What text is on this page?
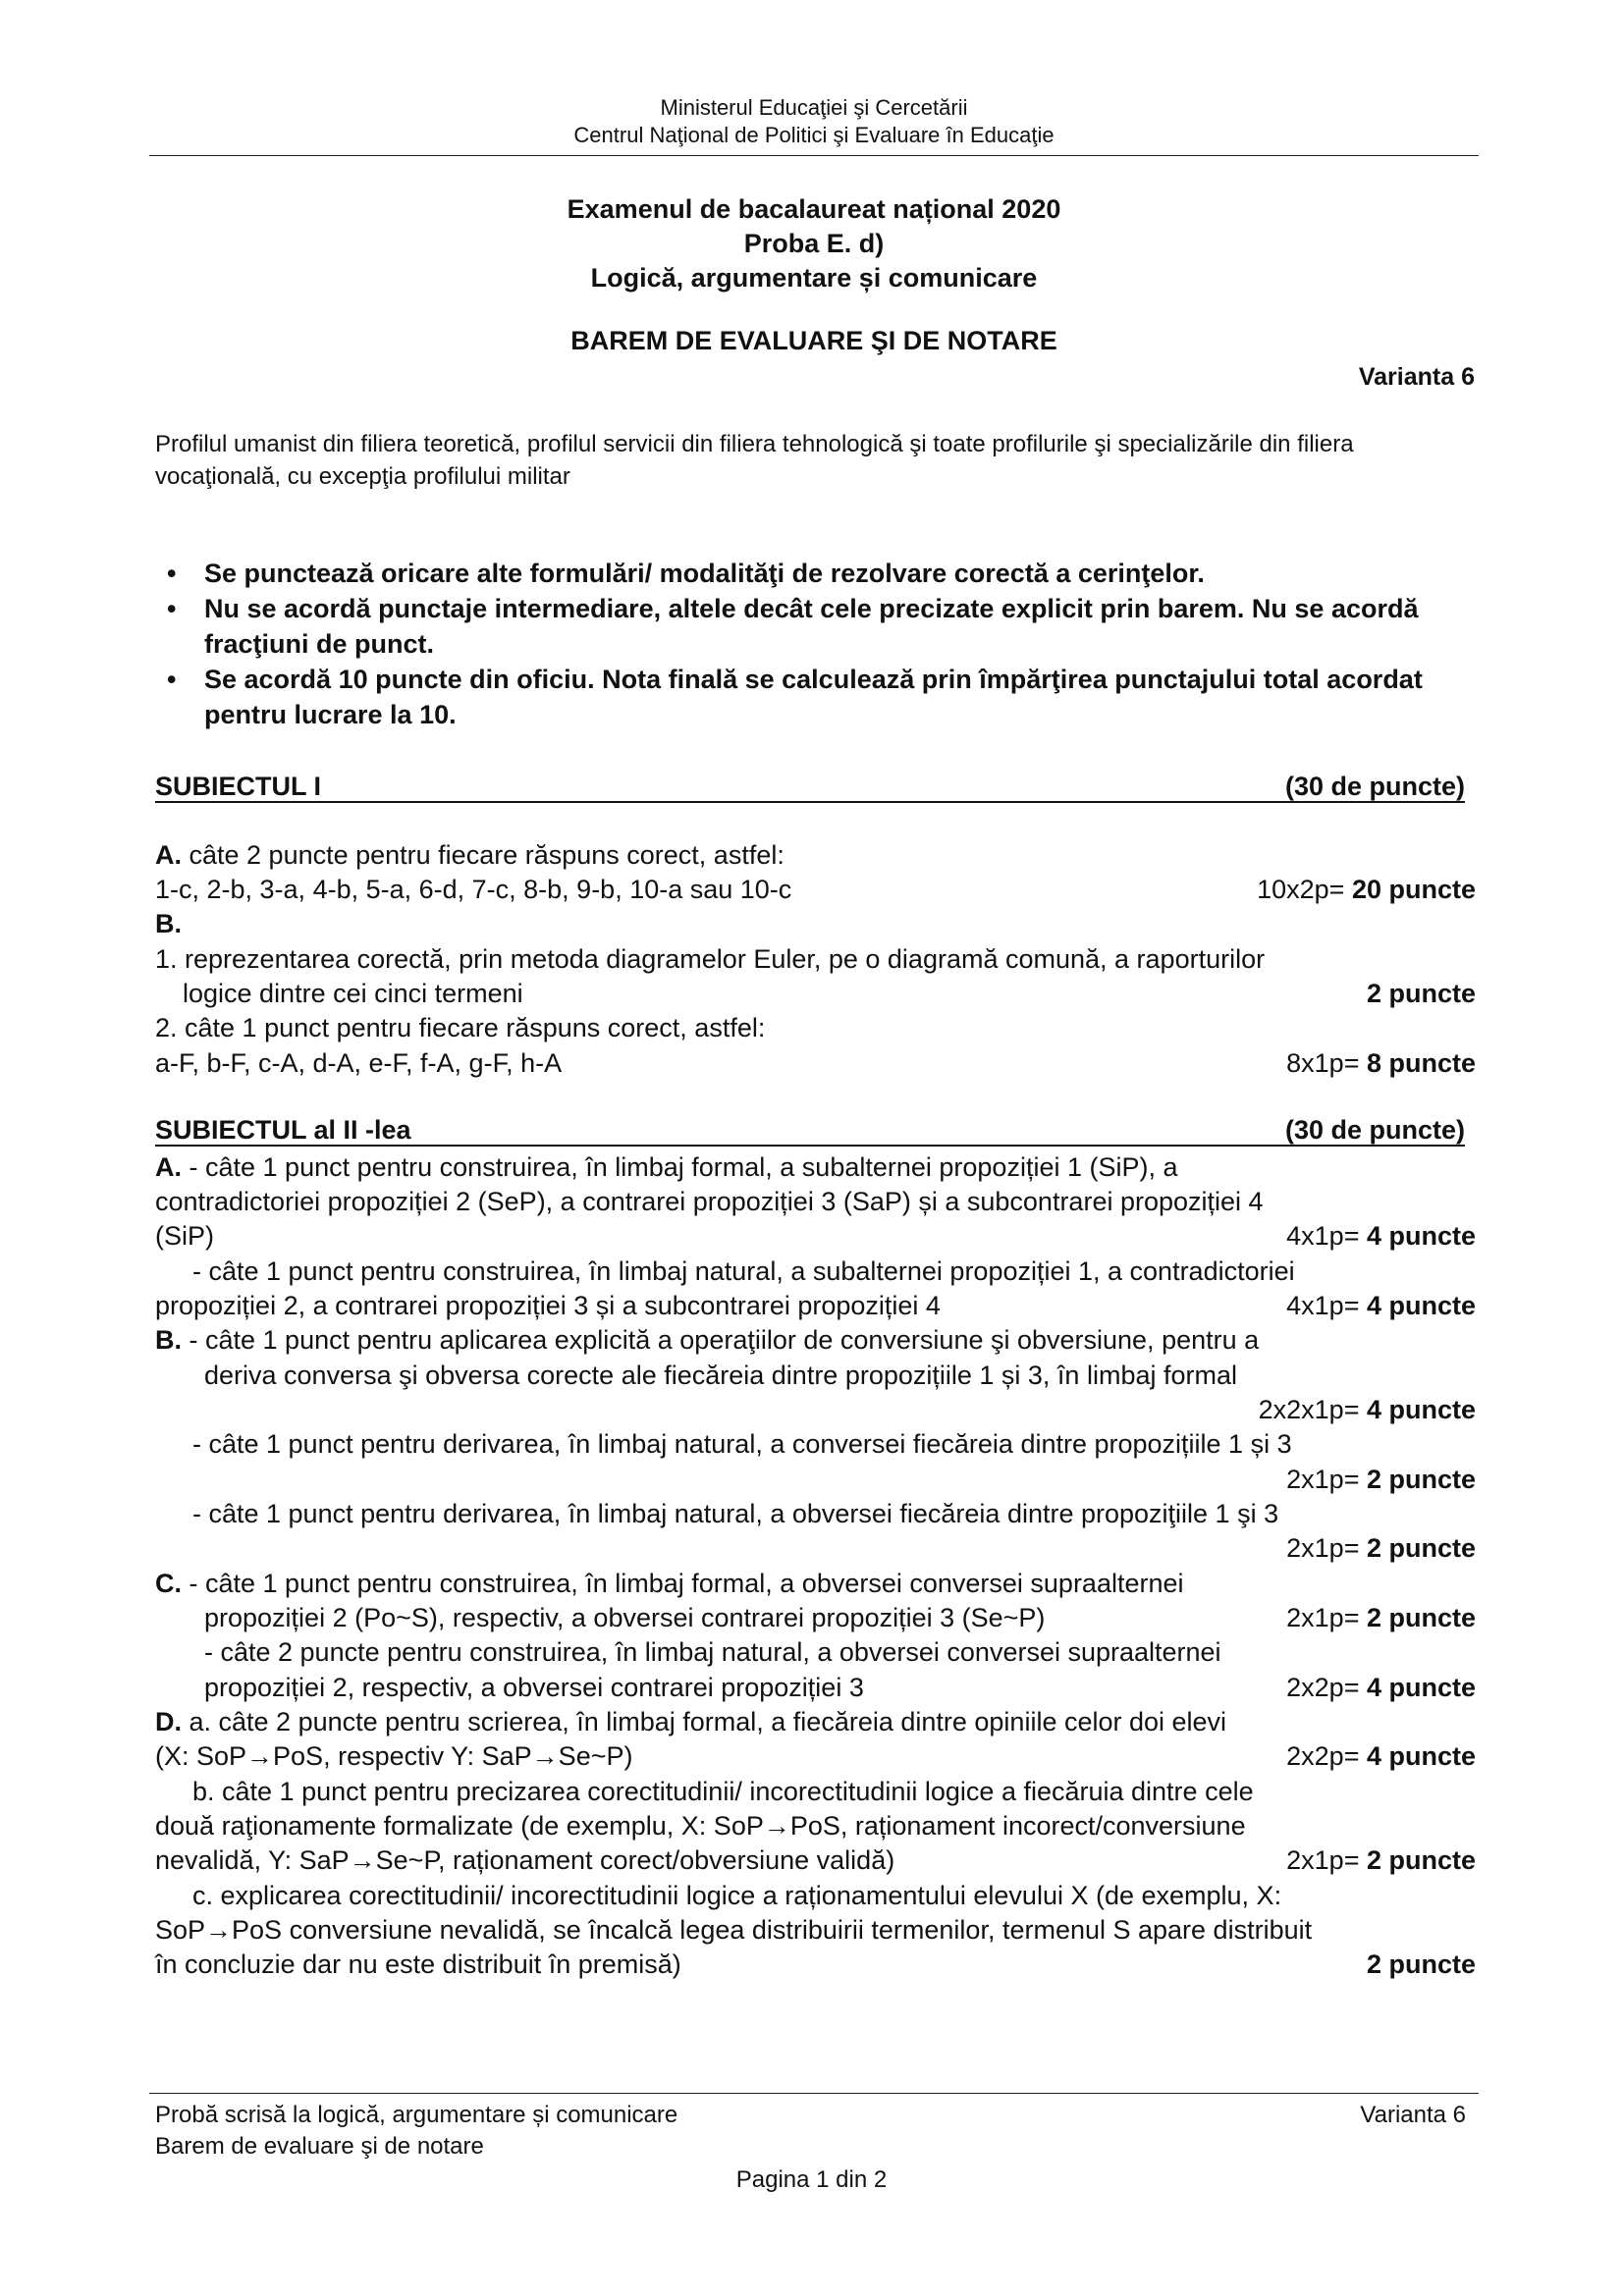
Ministerul Educaţiei şi Cercetării
Centrul Naţional de Politici şi Evaluare în Educaţie
Examenul de bacalaureat național 2020
Proba E. d)
Logică, argumentare și comunicare
BAREM DE EVALUARE ŞI DE NOTARE
Varianta 6
Profilul umanist din filiera teoretică, profilul servicii din filiera tehnologică şi toate profilurile şi specializările din filiera vocaţională, cu excepţia profilului militar
• Se punctează oricare alte formulări/ modalităţi de rezolvare corectă a cerinţelor.
• Nu se acordă punctaje intermediare, altele decât cele precizate explicit prin barem. Nu se acordă fracţiuni de punct.
• Se acordă 10 puncte din oficiu. Nota finală se calculează prin împărţirea punctajului total acordat pentru lucrare la 10.
SUBIECTUL I	(30 de puncte)
A. câte 2 puncte pentru fiecare răspuns corect, astfel:
1-c, 2-b, 3-a, 4-b, 5-a, 6-d, 7-c, 8-b, 9-b, 10-a sau 10-c	10x2p= 20 puncte
B.
1. reprezentarea corectă, prin metoda diagramelor Euler, pe o diagramă comună, a raporturilor
logice dintre cei cinci termeni	2 puncte
2. câte 1 punct pentru fiecare răspuns corect, astfel:
a-F, b-F, c-A, d-A, e-F, f-A, g-F, h-A	8x1p= 8 puncte
SUBIECTUL al II -lea	(30 de puncte)
A. - câte 1 punct pentru construirea, în limbaj formal, a subalternei propoziției 1 (SiP), a
contradictoriei propoziției 2 (SeP), a contrarei propoziției 3 (SaP) și a subcontrarei propoziției 4
(SiP)	4x1p= 4 puncte
- câte 1 punct pentru construirea, în limbaj natural, a subalternei propoziției 1, a contradictoriei
propoziției 2, a contrarei propoziției 3 și a subcontrarei propoziției 4	4x1p= 4 puncte
B. - câte 1 punct pentru aplicarea explicită a operaţiilor de conversiune şi obversiune, pentru a
deriva conversa şi obversa corecte ale fiecăreia dintre propozițiile 1 și 3, în limbaj formal
2x2x1p= 4 puncte
- câte 1 punct pentru derivarea, în limbaj natural, a conversei fiecăreia dintre propozițiile 1 și 3
2x1p= 2 puncte
- câte 1 punct pentru derivarea, în limbaj natural, a obversei fiecăreia dintre propoziţiile 1 şi 3
2x1p= 2 puncte
C. - câte 1 punct pentru construirea, în limbaj formal, a obversei conversei supraalternei
propoziției 2 (Po~S), respectiv, a obversei contrarei propoziției 3 (Se~P)	2x1p= 2 puncte
- câte 2 puncte pentru construirea, în limbaj natural, a obversei conversei supraalternei
propoziției 2, respectiv, a obversei contrarei propoziției 3	2x2p= 4 puncte
D. a. câte 2 puncte pentru scrierea, în limbaj formal, a fiecăreia dintre opiniile celor doi elevi
(X: SoP→PoS, respectiv Y: SaP→Se~P)	2x2p= 4 puncte
b. câte 1 punct pentru precizarea corectitudinii/ incorectitudinii logice a fiecăruia dintre cele
două raţionamente formalizate (de exemplu, X: SoP→PoS, raționament incorect/conversiune
nevalidă, Y: SaP→Se~P, raționament corect/obversiune validă)	2x1p= 2 puncte
c. explicarea corectitudinii/ incorectitudinii logice a raționamentului elevului X (de exemplu, X:
SoP→PoS conversiune nevalidă, se încalcă legea distribuirii termenilor, termenul S apare distribuit
în concluzie dar nu este distribuit în premisă)	2 puncte
Probă scrisă la logică, argumentare și comunicare
Barem de evaluare şi de notare
Varianta 6
Pagina 1 din 2
